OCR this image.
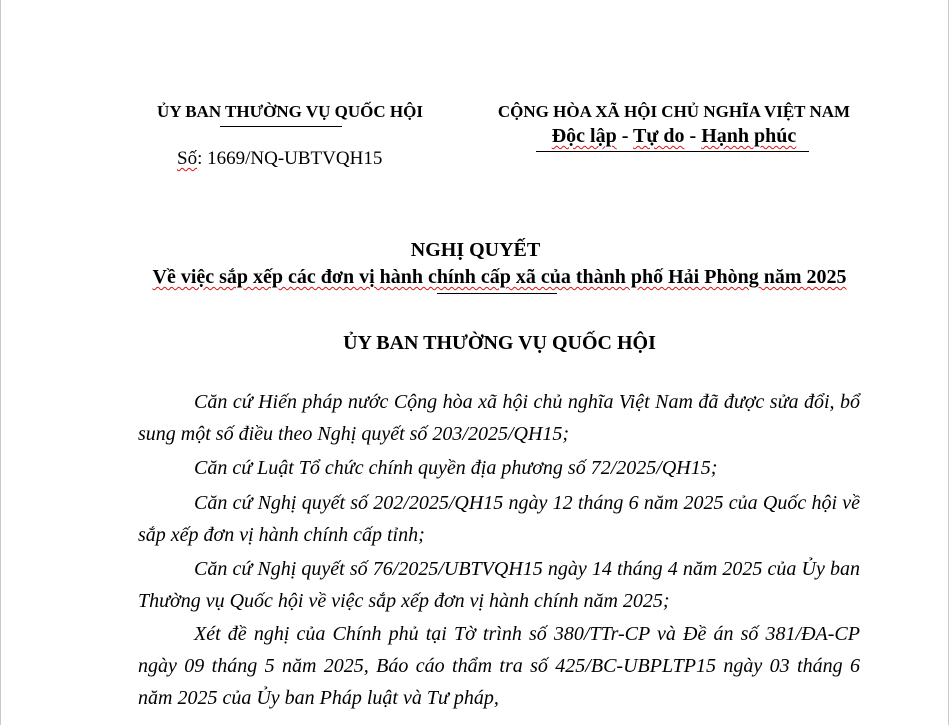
ỦY BAN THƯỜNG VỤ QUỐC HỘI
Số: 1669/NQ-UBTVQH15
CỘNG HÒA XÃ HỘI CHỦ NGHĨA VIỆT NAM
Độc lập - Tự do - Hạnh phúc
NGHỊ QUYẾT
Về việc sắp xếp các đơn vị hành chính cấp xã của thành phố Hải Phòng năm 2025
ỦY BAN THƯỜNG VỤ QUỐC HỘI
Căn cứ Hiến pháp nước Cộng hòa xã hội chủ nghĩa Việt Nam đã được sửa đổi, bổ sung một số điều theo Nghị quyết số 203/2025/QH15;
Căn cứ Luật Tổ chức chính quyền địa phương số 72/2025/QH15;
Căn cứ Nghị quyết số 202/2025/QH15 ngày 12 tháng 6 năm 2025 của Quốc hội về sắp xếp đơn vị hành chính cấp tỉnh;
Căn cứ Nghị quyết số 76/2025/UBTVQH15 ngày 14 tháng 4 năm 2025 của Ủy ban Thường vụ Quốc hội về việc sắp xếp đơn vị hành chính năm 2025;
Xét đề nghị của Chính phủ tại Tờ trình số 380/TTr-CP và Đề án số 381/ĐA-CP ngày 09 tháng 5 năm 2025, Báo cáo thẩm tra số 425/BC-UBPLTP15 ngày 03 tháng 6 năm 2025 của Ủy ban Pháp luật và Tư pháp,
